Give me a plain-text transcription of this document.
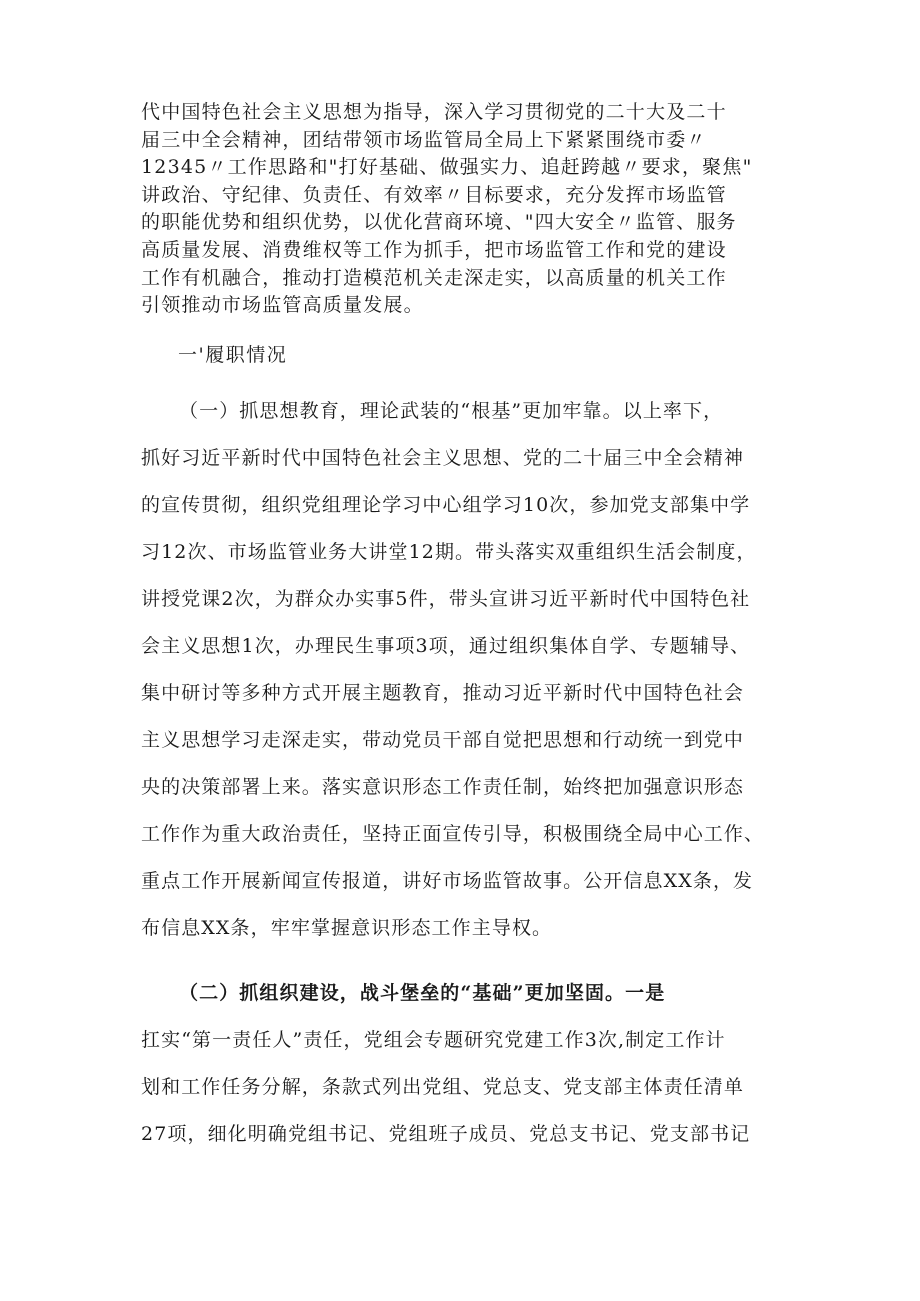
代中国特色社会主义思想为指导，深入学习贯彻党的二十大及二十
届三中全会精神，团结带领市场监管局全局上下紧紧围绕市委〃
12345〃工作思路和"打好基础、做强实力、追赶跨越〃要求，聚焦"
讲政治、守纪律、负责任、有效率〃目标要求，充分发挥市场监管
的职能优势和组织优势，以优化营商环境、"四大安全〃监管、服务
高质量发展、消费维权等工作为抓手，把市场监管工作和党的建设
工作有机融合，推动打造模范机关走深走实，以高质量的机关工作
引领推动市场监管高质量发展。
一'履职情况
（一）抓思想教育，理论武装的“根基”更加牢靠。以上率下，
抓好习近平新时代中国特色社会主义思想、党的二十届三中全会精神
的宣传贯彻，组织党组理论学习中心组学习10次，参加党支部集中学
习12次、市场监管业务大讲堂12期。带头落实双重组织生活会制度，
讲授党课2次，为群众办实事5件，带头宣讲习近平新时代中国特色社
会主义思想1次，办理民生事项3项，通过组织集体自学、专题辅导、
集中研讨等多种方式开展主题教育，推动习近平新时代中国特色社会
主义思想学习走深走实，带动党员干部自觉把思想和行动统一到党中
央的决策部署上来。落实意识形态工作责任制，始终把加强意识形态
工作作为重大政治责任，坚持正面宣传引导，积极围绕全局中心工作、
重点工作开展新闻宣传报道，讲好市场监管故事。公开信息XX条，发
布信息XX条，牢牢掌握意识形态工作主导权。
（二）抓组织建设，战斗堡垒的“基础”更加坚固。一是
扛实“第一责任人”责任，党组会专题研究党建工作3次,制定工作计
划和工作任务分解，条款式列出党组、党总支、党支部主体责任清单
27项，细化明确党组书记、党组班子成员、党总支书记、党支部书记
